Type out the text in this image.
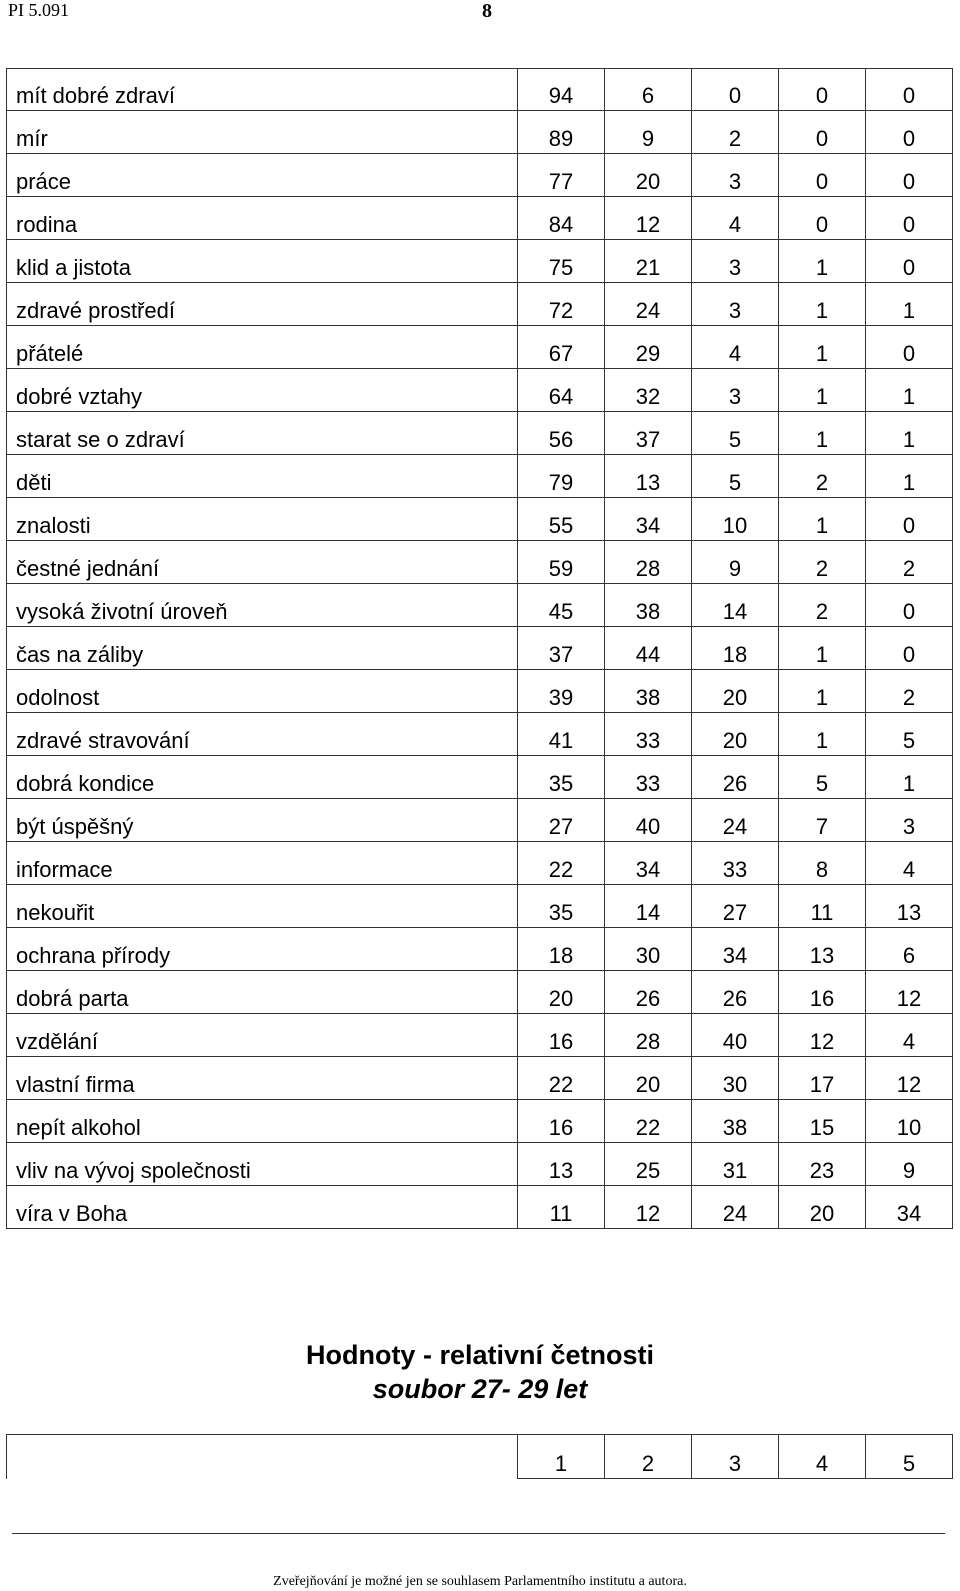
PI 5.091	8
mít dobré zdraví	94	6	0	0	0
mír	89	9	2	0	0
práce	77	20	3	0	0
rodina	84	12	4	0	0
klid a jistota	75	21	3	1	0
zdravé prostředí	72	24	3	1	1
přátelé	67	29	4	1	0
dobré vztahy	64	32	3	1	1
starat se o zdraví	56	37	5	1	1
děti	79	13	5	2	1
znalosti	55	34	10	1	0
čestné jednání	59	28	9	2	2
vysoká životní úroveň	45	38	14	2	0
čas na záliby	37	44	18	1	0
odolnost	39	38	20	1	2
zdravé stravování	41	33	20	1	5
dobrá kondice	35	33	26	5	1
být úspěšný	27	40	24	7	3
informace	22	34	33	8	4
nekouřit	35	14	27	11	13
ochrana přírody	18	30	34	13	6
dobrá parta	20	26	26	16	12
vzdělání	16	28	40	12	4
vlastní firma	22	20	30	17	12
nepít alkohol	16	22	38	15	10
vliv na vývoj společnosti	13	25	31	23	9
víra v Boha	11	12	24	20	34
Hodnoty - relativní četnosti
soubor 27- 29 let
	1	2	3	4	5
Zveřejňování je možné jen se souhlasem Parlamentního institutu a autora.
